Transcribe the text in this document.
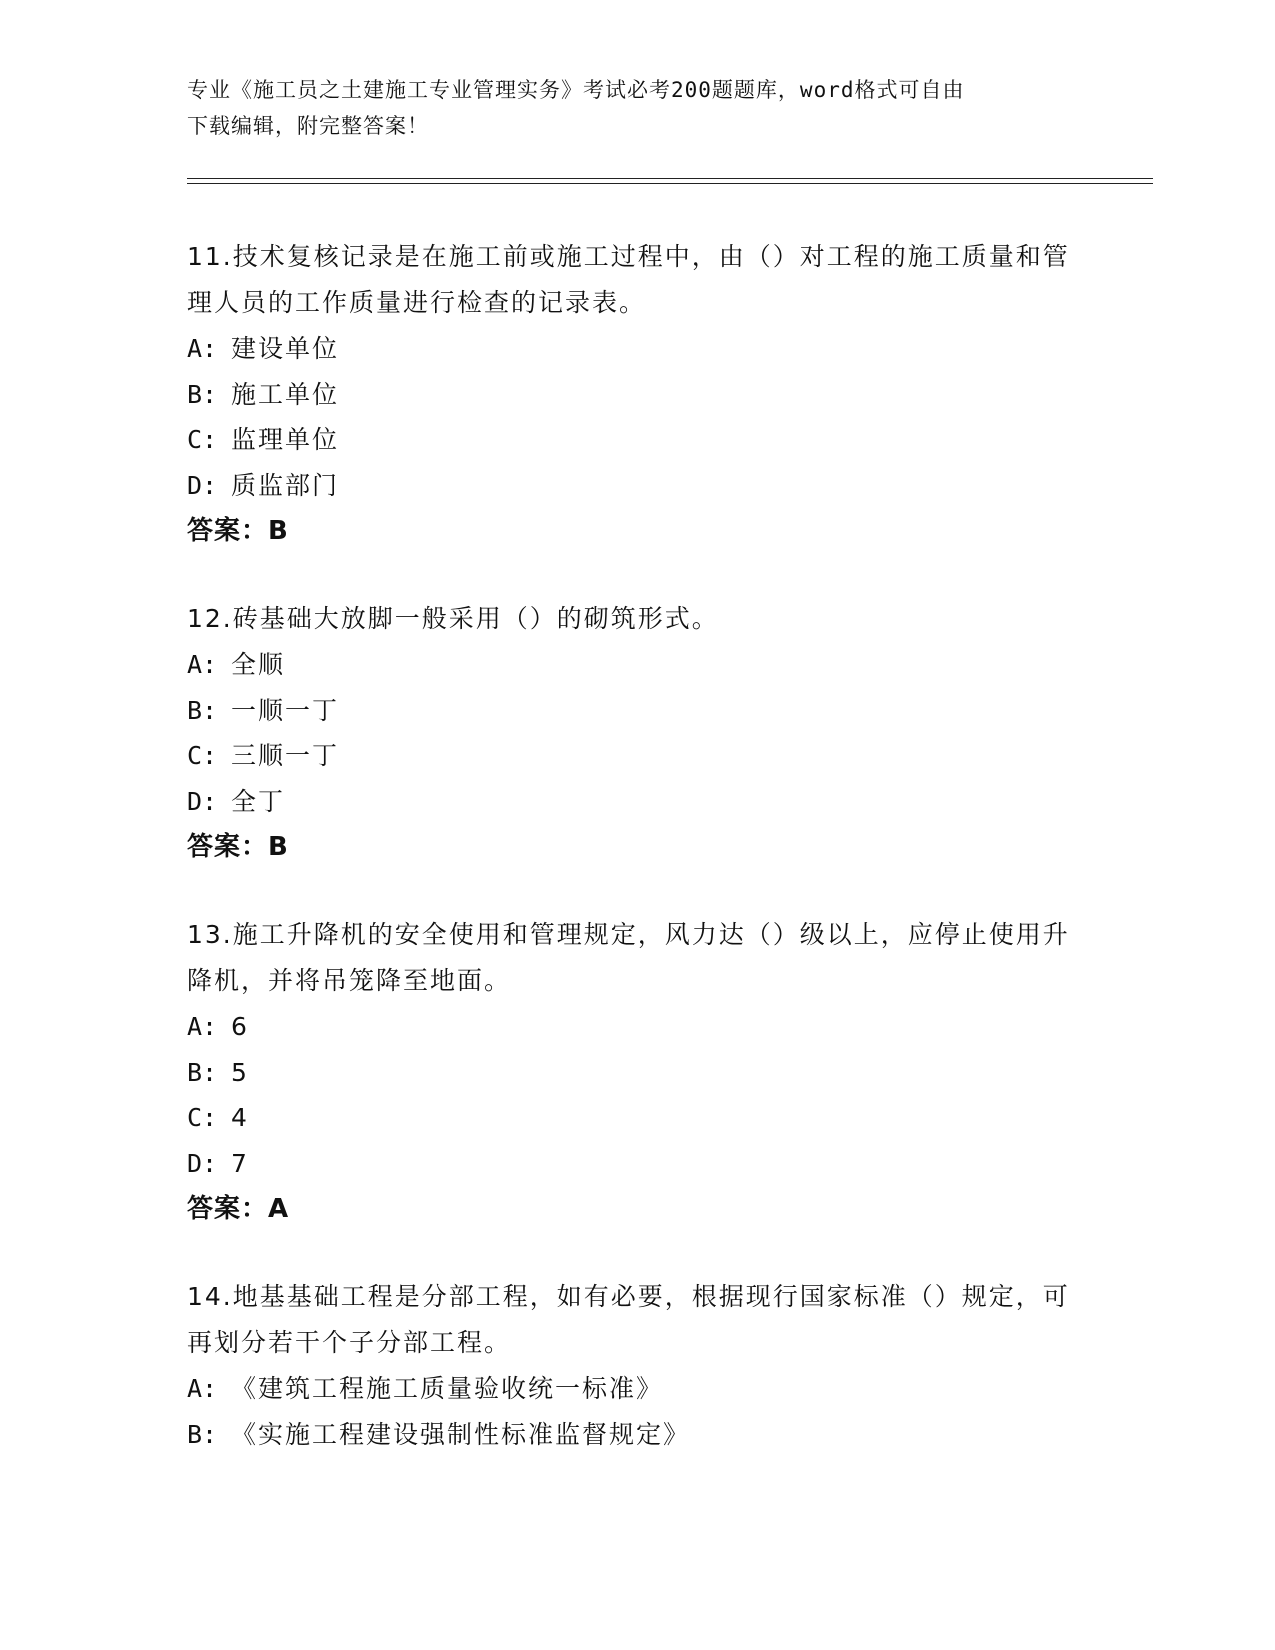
专业《施工员之土建施工专业管理实务》考试必考200题题库，word格式可自由
下载编辑，附完整答案！

11.技术复核记录是在施工前或施工过程中，由（）对工程的施工质量和管理人员的工作质量进行检查的记录表。

A: 建设单位

B: 施工单位

C: 监理单位

D: 质监部门

答案：B

12.砖基础大放脚一般采用（）的砌筑形式。

A: 全顺

B: 一顺一丁

C: 三顺一丁

D: 全丁

答案：B

13.施工升降机的安全使用和管理规定，风力达（）级以上，应停止使用升降机，并将吊笼降至地面。

A: 6

B: 5

C: 4

D: 7

答案：A

14.地基基础工程是分部工程，如有必要，根据现行国家标准（）规定，可再划分若干个子分部工程。

A: 《建筑工程施工质量验收统一标准》

B: 《实施工程建设强制性标准监督规定》
